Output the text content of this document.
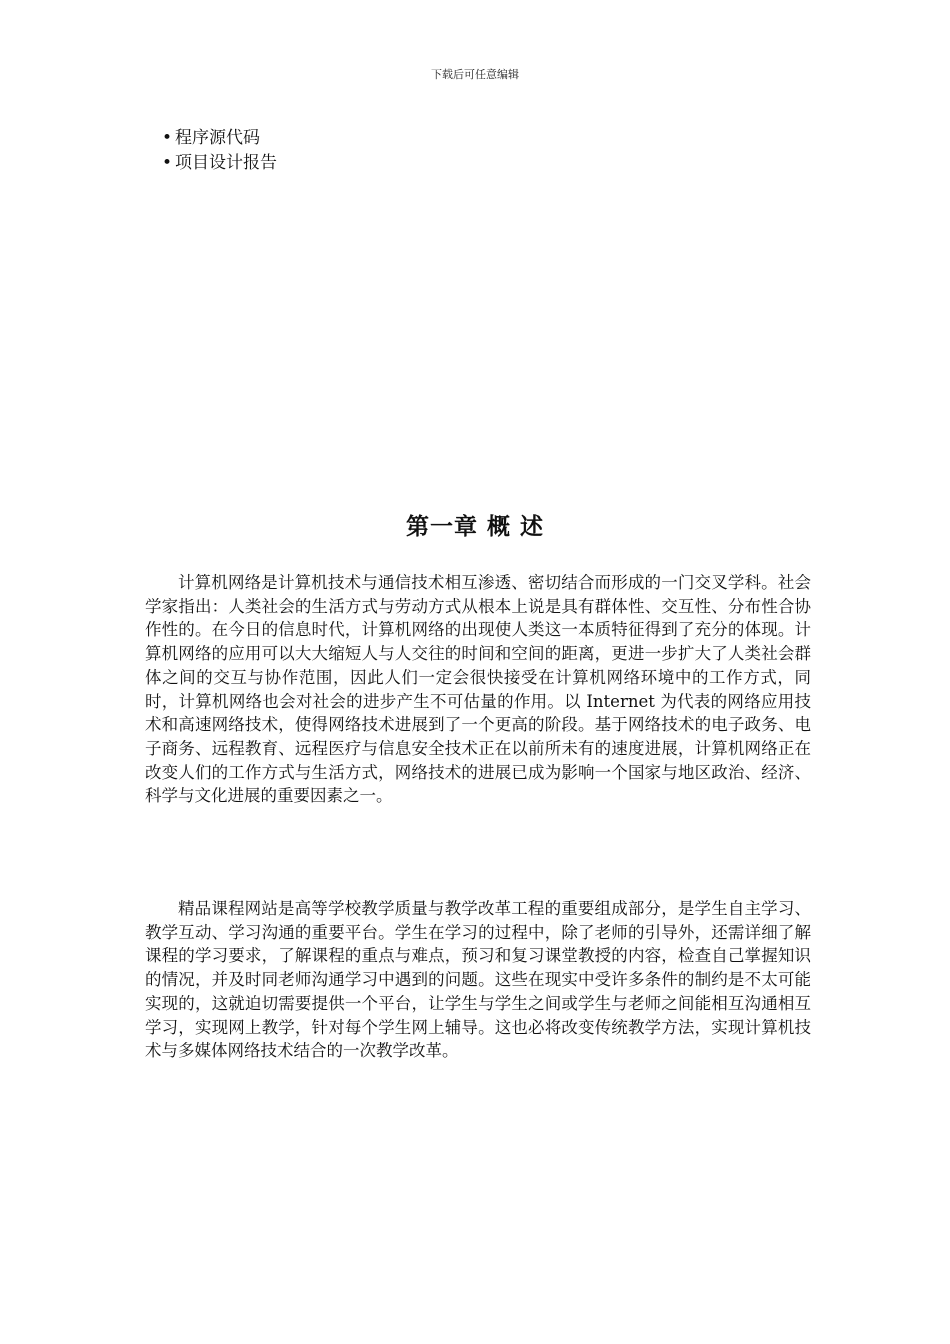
下载后可任意编辑
• 程序源代码
• 项目设计报告
第一章 概 述

计算机网络是计算机技术与通信技术相互渗透、密切结合而形成的一门交叉学科。社会学家指出：人类社会的生活方式与劳动方式从根本上说是具有群体性、交互性、分布性合协作性的。在今日的信息时代，计算机网络的出现使人类这一本质特征得到了充分的体现。计算机网络的应用可以大大缩短人与人交往的时间和空间的距离，更进一步扩大了人类社会群体之间的交互与协作范围，因此人们一定会很快接受在计算机网络环境中的工作方式，同时，计算机网络也会对社会的进步产生不可估量的作用。以 Internet 为代表的网络应用技术和高速网络技术，使得网络技术进展到了一个更高的阶段。基于网络技术的电子政务、电子商务、远程教育、远程医疗与信息安全技术正在以前所未有的速度进展，计算机网络正在改变人们的工作方式与生活方式，网络技术的进展已成为影响一个国家与地区政治、经济、科学与文化进展的重要因素之一。

精品课程网站是高等学校教学质量与教学改革工程的重要组成部分，是学生自主学习、教学互动、学习沟通的重要平台。学生在学习的过程中，除了老师的引导外，还需详细了解课程的学习要求，了解课程的重点与难点，预习和复习课堂教授的内容，检查自己掌握知识的情况，并及时同老师沟通学习中遇到的问题。这些在现实中受许多条件的制约是不太可能实现的，这就迫切需要提供一个平台，让学生与学生之间或学生与老师之间能相互沟通相互学习，实现网上教学，针对每个学生网上辅导。这也必将改变传统教学方法，实现计算机技术与多媒体网络技术结合的一次教学改革。
